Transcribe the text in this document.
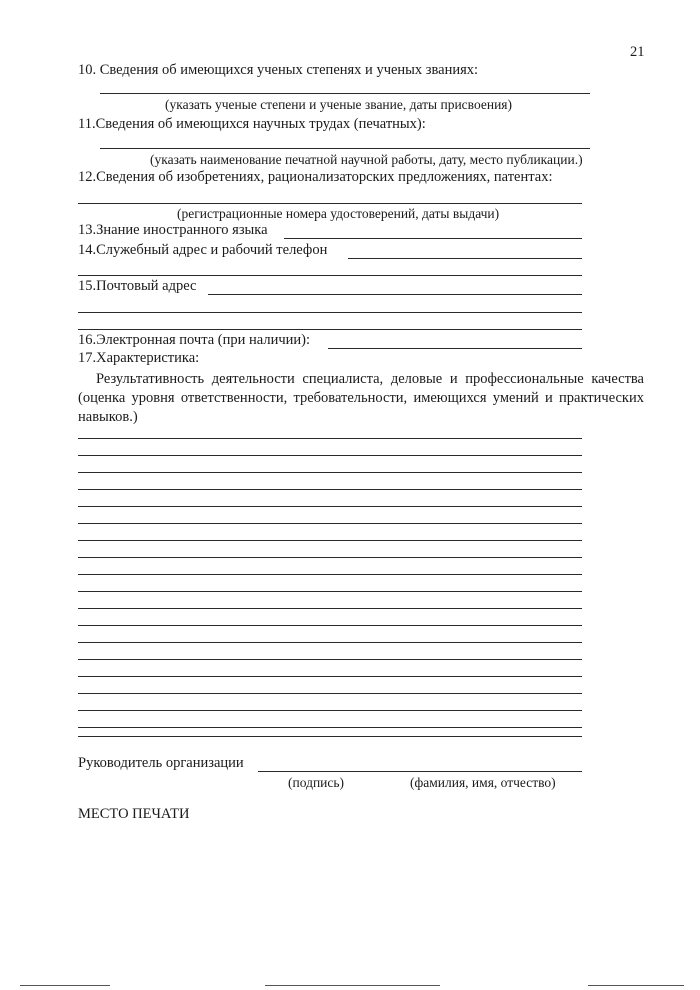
21
10. Сведения об имеющихся ученых степенях и ученых званиях:
(указать ученые степени и ученые звание, даты присвоения)
11.Сведения об имеющихся научных трудах (печатных):
(указать наименование печатной научной работы, дату, место публикации.)
12.Сведения об изобретениях, рационализаторских предложениях, патентах:
(регистрационные номера удостоверений, даты выдачи)
13.Знание иностранного языка
14.Служебный адрес и рабочий телефон
15.Почтовый адрес
16.Электронная почта (при наличии):
17.Характеристика:
Результативность деятельности специалиста, деловые и профессиональные качества (оценка уровня ответственности, требовательности, имеющихся умений и практических навыков.)
Руководитель организации
(подпись)	(фамилия, имя, отчество)
МЕСТО ПЕЧАТИ
